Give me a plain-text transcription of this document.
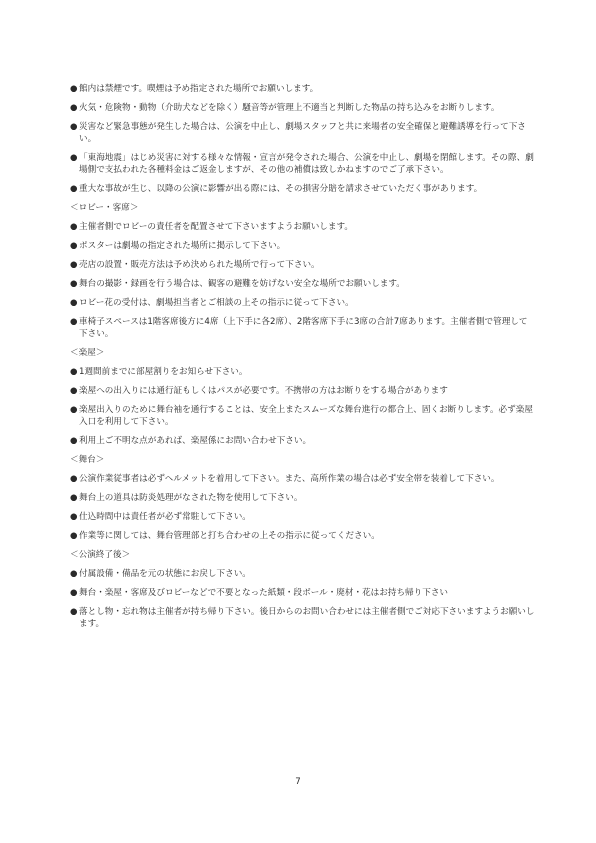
● 館内は禁煙です。喫煙は予め指定された場所でお願いします。
● 火気・危険物・動物（介助犬などを除く）騒音等が管理上不適当と判断した物品の持ち込みをお断りします。
● 災害など緊急事態が発生した場合は、公演を中止し、劇場スタッフと共に来場者の安全確保と避難誘導を行って下さい。
● 「東海地震」はじめ災害に対する様々な情報・宣言が発令された場合、公演を中止し、劇場を閉館します。その際、劇場側で支払われた各種料金はご返金しますが、その他の補償は致しかねますのでご了承下さい。
● 重大な事故が生じ、以降の公演に影響が出る際には、その損害分賠を請求させていただく事があります。
＜ロビー・客席＞
● 主催者側でロビーの責任者を配置させて下さいますようお願いします。
● ポスターは劇場の指定された場所に掲示して下さい。
● 売店の設置・販売方法は予め決められた場所で行って下さい。
● 舞台の撮影・録画を行う場合は、観客の避難を妨げない安全な場所でお願いします。
● ロビー花の受付は、劇場担当者とご相談の上その指示に従って下さい。
● 車椅子スペースは1階客席後方に4席（上下手に各2席）、2階客席下手に3席の合計7席あります。主催者側で管理して下さい。
＜楽屋＞
● 1週間前までに部屋割りをお知らせ下さい。
● 楽屋への出入りには通行証もしくはパスが必要です。不携帯の方はお断りをする場合があります
● 楽屋出入りのために舞台袖を通行することは、安全上またスムーズな舞台進行の都合上、固くお断りします。必ず楽屋入口を利用して下さい。
● 利用上ご不明な点があれば、楽屋係にお問い合わせ下さい。
＜舞台＞
● 公演作業従事者は必ずヘルメットを着用して下さい。また、高所作業の場合は必ず安全帯を装着して下さい。
● 舞台上の道具は防炎処理がなされた物を使用して下さい。
● 仕込時間中は責任者が必ず常駐して下さい。
● 作業等に関しては、舞台管理部と打ち合わせの上その指示に従ってください。
＜公演終了後＞
● 付属設備・備品を元の状態にお戻し下さい。
● 舞台・楽屋・客席及びロビーなどで不要となった紙類・段ボール・廃材・花はお持ち帰り下さい
● 落とし物・忘れ物は主催者が持ち帰り下さい。後日からのお問い合わせには主催者側でご対応下さいますようお願いします。
7
